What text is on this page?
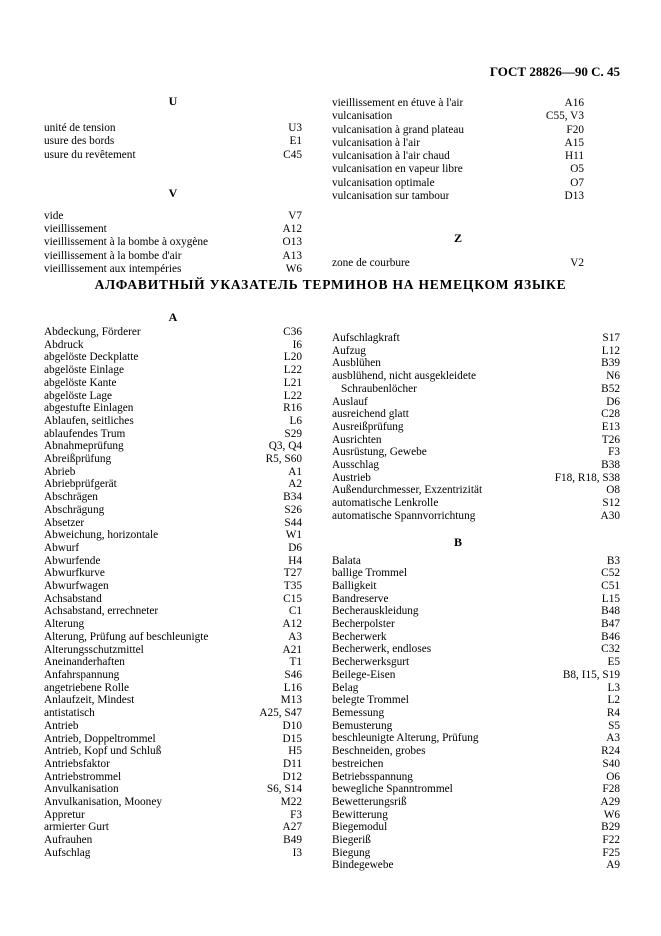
ГОСТ 28826—90 С. 45
U
unité de tension	U3
usure des bords	E1
usure du revêtement	C45
V
vide	V7
vieillissement	A12
vieillissement à la bombe à oxygène	O13
vieillissement à la bombe d'air	A13
vieillissement aux intempéries	W6
vieillissement en étuve à l'air	A16
vulcanisation	C55, V3
vulcanisation à grand plateau	F20
vulcanisation à l'air	A15
vulcanisation à l'air chaud	H11
vulcanisation en vapeur libre	O5
vulcanisation optimale	O7
vulcanisation sur tambour	D13
Z
zone de courbure	V2
АЛФАВИТНЫЙ УКАЗАТЕЛЬ ТЕРМИНОВ НА НЕМЕЦКОМ ЯЗЫКЕ
A
Abdeckung, Förderer	C36
Abdruck	I6
abgelöste Deckplatte	L20
abgelöste Einlage	L22
abgelöste Kante	L21
abgelöste Lage	L22
abgestufte Einlagen	R16
Ablaufen, seitliches	L6
ablaufendes Trum	S29
Abnahmeprüfung	Q3, Q4
Abreißprüfung	R5, S60
Abrieb	A1
Abriebprüfgerät	A2
Abschrägen	B34
Abschrägung	S26
Absetzer	S44
Abweichung, horizontale	W1
Abwurf	D6
Abwurfende	H4
Abwurfkurve	T27
Abwurfwagen	T35
Achsabstand	C15
Achsabstand, errechneter	C1
Alterung	A12
Alterung, Prüfung auf beschleunigte	A3
Alterungsschutzmittel	A21
Aneinanderhaften	T1
Anfahrspannung	S46
angetriebene Rolle	L16
Anlaufzeit, Mindest	M13
antistatisch	A25, S47
Antrieb	D10
Antrieb, Doppeltrommel	D15
Antrieb, Kopf und Schluß	H5
Antriebsfaktor	D11
Antriebstrommel	D12
Anvulkanisation	S6, S14
Anvulkanisation, Mooney	M22
Appretur	F3
armierter Gurt	A27
Aufrauhen	B49
Aufschlag	I3
Aufschlagkraft	S17
Aufzug	L12
Ausblühen	B39
ausblühend, nicht ausgekleidete	N6
Schraubenlöcher	B52
Auslauf	D6
ausreichend glatt	C28
Ausreißprüfung	E13
Ausrichten	T26
Ausrüstung, Gewebe	F3
Ausschlag	B38
Austrieb	F18, R18, S38
Außendurchmesser, Exzentrizität	O8
automatische Lenkrolle	S12
automatische Spannvorrichtung	A30
B
Balata	B3
ballige Trommel	C52
Balligkeit	C51
Bandreserve	L15
Becherauskleidung	B48
Becherpolster	B47
Becherwerk	B46
Becherwerk, endloses	C32
Becherwerksgurt	E5
Beilege-Eisen	B8, I15, S19
Belag	L3
belegte Trommel	L2
Bemessung	R4
Bemusterung	S5
beschleunigte Alterung, Prüfung	A3
Beschneiden, grobes	R24
bestreichen	S40
Betriebsspannung	O6
bewegliche Spanntrommel	F28
Bewetterungsriß	A29
Bewitterung	W6
Biegemodul	B29
Biegeriß	F22
Biegung	F25
Bindegewebe	A9
